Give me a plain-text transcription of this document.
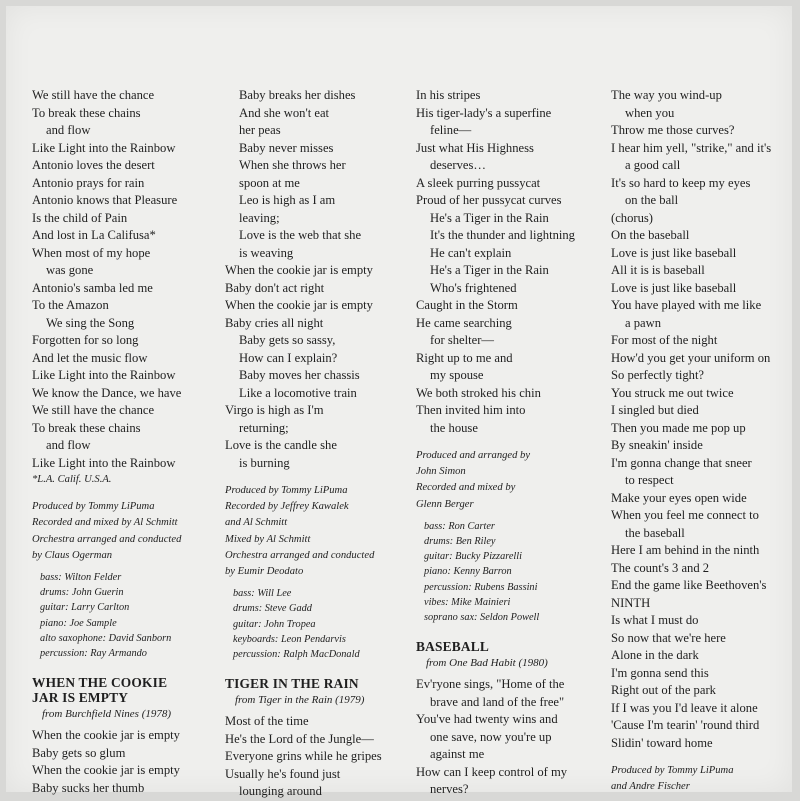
We still have the chance
To break these chains
and flow
Like Light into the Rainbow
Antonio loves the desert
Antonio prays for rain
Antonio knows that Pleasure
Is the child of Pain
And lost in La Califusa*
When most of my hope
was gone
Antonio's samba led me
To the Amazon
We sing the Song
Forgotten for so long
And let the music flow
Like Light into the Rainbow
We know the Dance, we have
We still have the chance
To break these chains
and flow
Like Light into the Rainbow
*L.A. Calif. U.S.A.
Produced by Tommy LiPuma
Recorded and mixed by Al Schmitt
Orchestra arranged and conducted
by Claus Ogerman
bass: Wilton Felder
drums: John Guerin
guitar: Larry Carlton
piano: Joe Sample
alto saxophone: David Sanborn
percussion: Ray Armando
WHEN THE COOKIE
JAR IS EMPTY
from Burchfield Nines (1978)
When the cookie jar is empty
Baby gets so glum
When the cookie jar is empty
Baby sucks her thumb
Baby breaks her dishes
And she won't eat
her peas
Baby never misses
When she throws her
spoon at me
Leo is high as I am
leaving;
Love is the web that she
is weaving
When the cookie jar is empty
Baby don't act right
When the cookie jar is empty
Baby cries all night
Baby gets so sassy,
How can I explain?
Baby moves her chassis
Like a locomotive train
Virgo is high as I'm
returning;
Love is the candle she
is burning
Produced by Tommy LiPuma
Recorded by Jeffrey Kawalek
and Al Schmitt
Mixed by Al Schmitt
Orchestra arranged and conducted
by Eumir Deodato
bass: Will Lee
drums: Steve Gadd
guitar: John Tropea
keyboards: Leon Pendarvis
percussion: Ralph MacDonald
TIGER IN THE RAIN
from Tiger in the Rain (1979)
Most of the time
He's the Lord of the Jungle—
Everyone grins while he gripes
Usually he's found just
lounging around
In his stripes
His tiger-lady's a superfine
feline—
Just what His Highness
deserves…
A sleek purring pussycat
Proud of her pussycat curves
He's a Tiger in the Rain
It's the thunder and lightning
He can't explain
He's a Tiger in the Rain
Who's frightened
Caught in the Storm
He came searching
for shelter—
Right up to me and
my spouse
We both stroked his chin
Then invited him into
the house
Produced and arranged by
John Simon
Recorded and mixed by
Glenn Berger
bass: Ron Carter
drums: Ben Riley
guitar: Bucky Pizzarelli
piano: Kenny Barron
percussion: Rubens Bassini
vibes: Mike Mainieri
soprano sax: Seldon Powell
BASEBALL
from One Bad Habit (1980)
Ev'ryone sings, "Home of the
brave and land of the free"
You've had twenty wins and
one save, now you're up
against me
How can I keep control of my
nerves?
The way you wind-up
when you
Throw me those curves?
I hear him yell, "strike," and it's
a good call
It's so hard to keep my eyes
on the ball
(chorus)
On the baseball
Love is just like baseball
All it is is baseball
Love is just like baseball
You have played with me like
a pawn
For most of the night
How'd you get your uniform on
So perfectly tight?
You struck me out twice
I singled but died
Then you made me pop up
By sneakin' inside
I'm gonna change that sneer
to respect
Make your eyes open wide
When you feel me connect to
the baseball
Here I am behind in the ninth
The count's 3 and 2
End the game like Beethoven's
NINTH
Is what I must do
So now that we're here
Alone in the dark
I'm gonna send this
Right out of the park
If I was you I'd leave it alone
'Cause I'm tearin' 'round third
Slidin' toward home
Produced by Tommy LiPuma
and Andre Fischer
